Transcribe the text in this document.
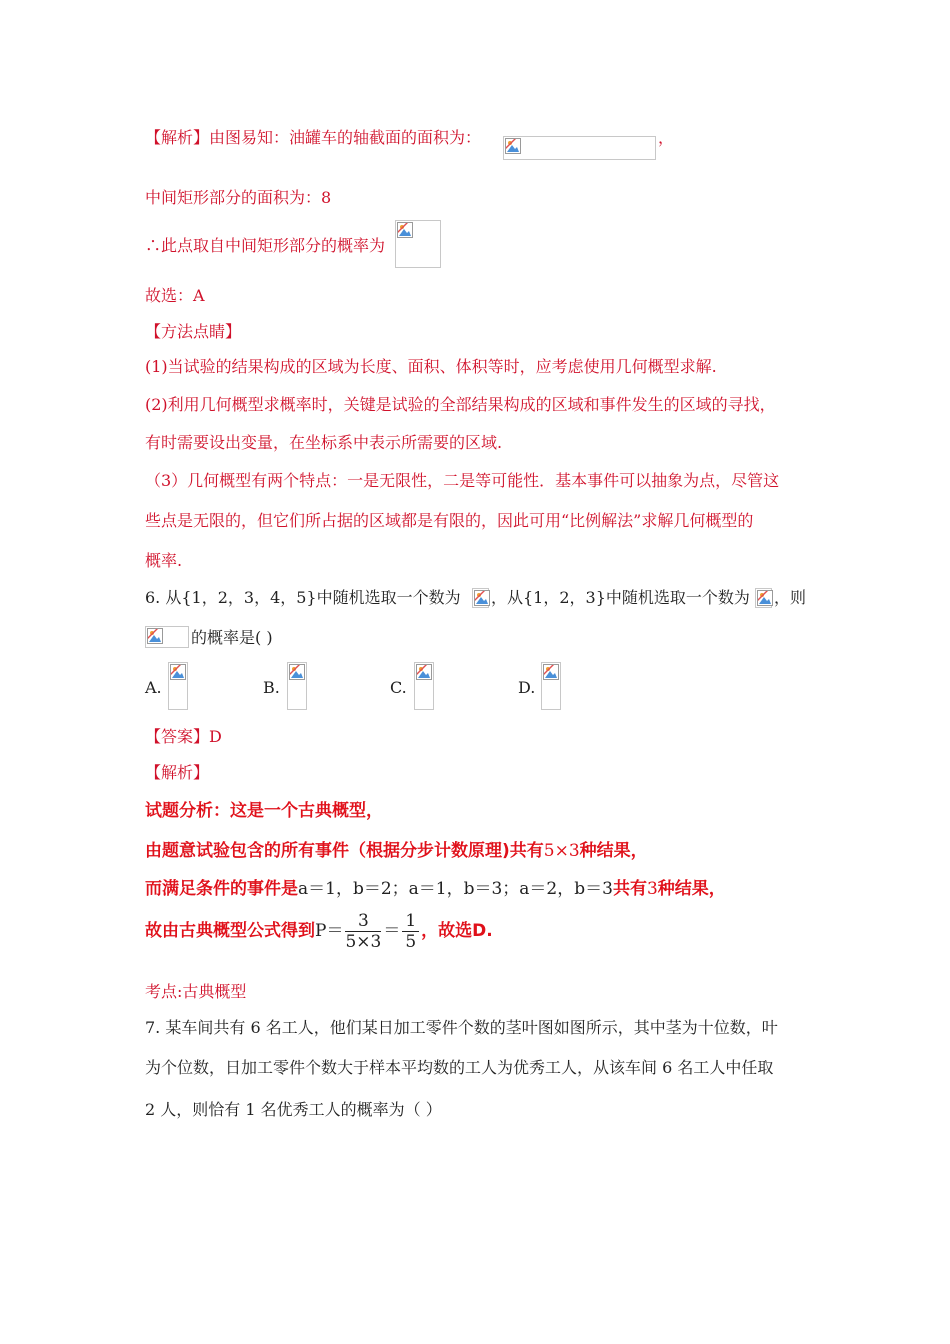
【解析】由图易知：油罐车的轴截面的面积为：	，
中间矩形部分的面积为：8
∴此点取自中间矩形部分的概率为
故选：A
【方法点睛】
(1)当试验的结果构成的区域为长度、面积、体积等时，应考虑使用几何概型求解.
(2)利用几何概型求概率时，关键是试验的全部结果构成的区域和事件发生的区域的寻找，
有时需要设出变量，在坐标系中表示所需要的区域.
（3）几何概型有两个特点：一是无限性，二是等可能性．基本事件可以抽象为点，尽管这
些点是无限的，但它们所占据的区域都是有限的，因此可用“比例解法”求解几何概型的
概率.
6. 从{1，2，3，4，5}中随机选取一个数为 ，从{1，2，3}中随机选取一个数为 ，则
的概率是( )
A.	B.	C.	D.
【答案】D
【解析】
试题分析：这是一个古典概型，
由题意试验包含的所有事件（根据分步计数原理)共有5×3种结果，
而满足条件的事件是a＝1，b＝2；a＝1，b＝3；a＝2，b＝3共有3种结果，
故由古典概型公式得到$P= \frac{3}{5\times 3} = \frac{1}{5}$ ，故选D.
考点:古典概型
7. 某车间共有 6 名工人，他们某日加工零件个数的茎叶图如图所示，其中茎为十位数，叶
为个位数，日加工零件个数大于样本平均数的工人为优秀工人，从该车间 6 名工人中任取
2 人，则恰有 1 名优秀工人的概率为（ ）
